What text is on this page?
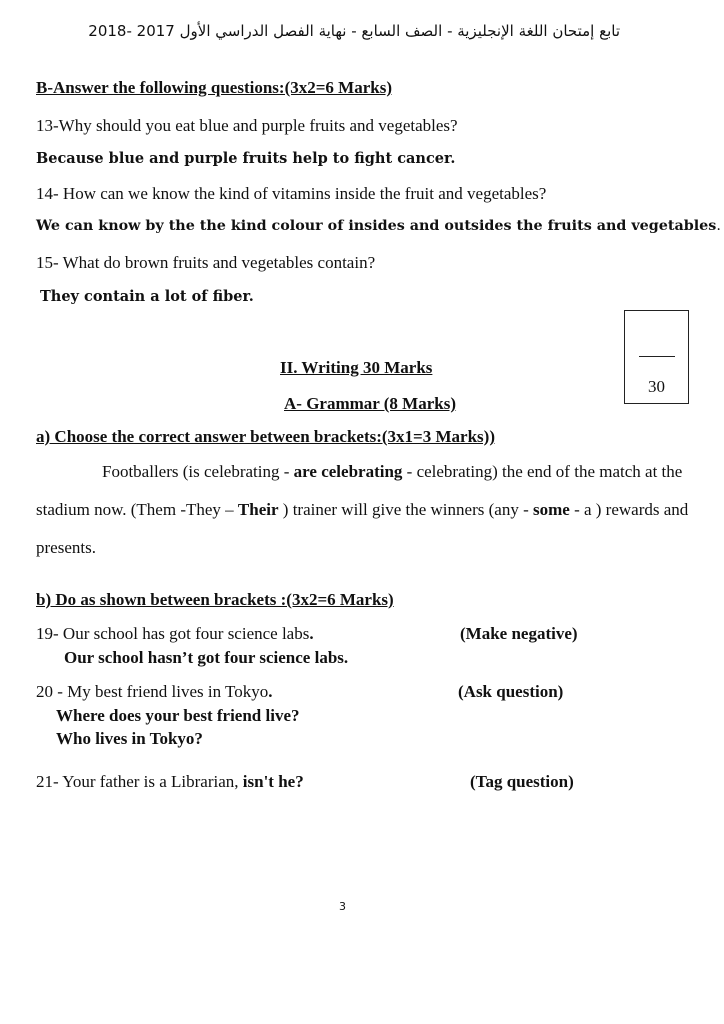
تابع إمتحان اللغة الإنجليزية - الصف السابع - نهاية الفصل الدراسي الأول 2017 -2018
B-Answer the following questions:(3x2=6 Marks)
13-Why should you eat blue and purple fruits and vegetables?
Because blue and purple fruits help to fight cancer.
14- How can we know the kind of vitamins inside the fruit and vegetables?
We can know by the the kind colour of insides and outsides the fruits and vegetables.
15- What do brown fruits and vegetables contain?
They contain a lot of fiber.
30
II. Writing 30 Marks
A- Grammar (8 Marks)
a) Choose the correct answer between brackets:(3x1=3 Marks))
Footballers (is celebrating - are celebrating - celebrating) the end of the match at the
stadium now. (Them -They – Their ) trainer will give the winners (any - some - a ) rewards and
presents.
b) Do as shown between brackets :(3x2=6 Marks)
19- Our school has got four science labs.	(Make negative)
Our school hasn’t got four science labs.
20 - My best friend lives in Tokyo.	(Ask question)
Where does your best friend live?
Who lives in Tokyo?
21- Your father is a Librarian, isn't he?	(Tag question)
3
